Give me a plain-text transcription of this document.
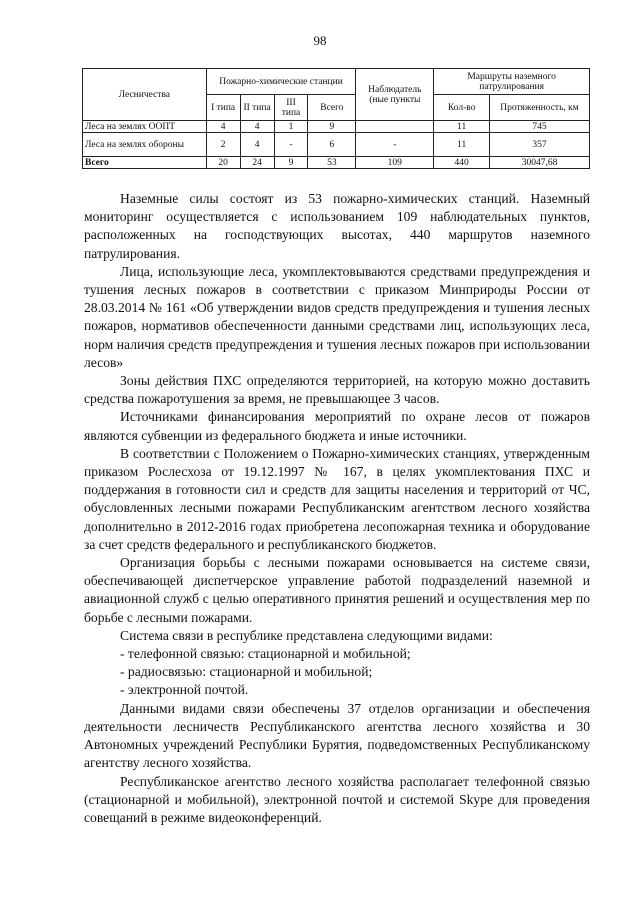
98
Лесничества	Пожарно-химические станции				Наблюдатель (ные пункты	Маршруты наземного патрулирования	
	I типа	II типа	III типа	Всего		Кол-во	Протяженность, км
Леса на землях ООПТ	4	4	1	9		11	745
Леса на землях обороны	2	4	-	6	-	11	357
Всего	20	24	9	53	109	440	30047,68

Наземные силы состоят из 53 пожарно-химических станций. Наземный мониторинг осуществляется с использованием 109 наблюдательных пунктов, расположенных на господствующих высотах, 440 маршрутов наземного патрулирования.

Лица, использующие леса, укомплектовываются средствами предупреждения и тушения лесных пожаров в соответствии с приказом Минприроды России от 28.03.2014 № 161 «Об утверждении видов средств предупреждения и тушения лесных пожаров, нормативов обеспеченности данными средствами лиц, использующих леса, норм наличия средств предупреждения и тушения лесных пожаров при использовании лесов»

Зоны действия ПХС определяются территорией, на которую можно доставить средства пожаротушения за время, не превышающее 3 часов.

Источниками финансирования мероприятий по охране лесов от пожаров являются субвенции из федерального бюджета и иные источники.

В соответствии с Положением о Пожарно-химических станциях, утвержденным приказом Рослесхоза от 19.12.1997 № 167, в целях укомплектования ПХС и поддержания в готовности сил и средств для защиты населения и территорий от ЧС, обусловленных лесными пожарами Республиканским агентством лесного хозяйства дополнительно в 2012-2016 годах приобретена лесопожарная техника и оборудование за счет средств федерального и республиканского бюджетов.

Организация борьбы с лесными пожарами основывается на системе связи, обеспечивающей диспетчерское управление работой подразделений наземной и авиационной служб с целью оперативного принятия решений и осуществления мер по борьбе с лесными пожарами.

Система связи в республике представлена следующими видами:

- телефонной связью: стационарной и мобильной;

- радиосвязью: стационарной и мобильной;

- электронной почтой.

Данными видами связи обеспечены 37 отделов организации и обеспечения деятельности лесничеств Республиканского агентства лесного хозяйства и 30 Автономных учреждений Республики Бурятия, подведомственных Республиканскому агентству лесного хозяйства.

Республиканское агентство лесного хозяйства располагает телефонной связью (стационарной и мобильной), электронной почтой и системой Skype для проведения совещаний в режиме видеоконференций.
